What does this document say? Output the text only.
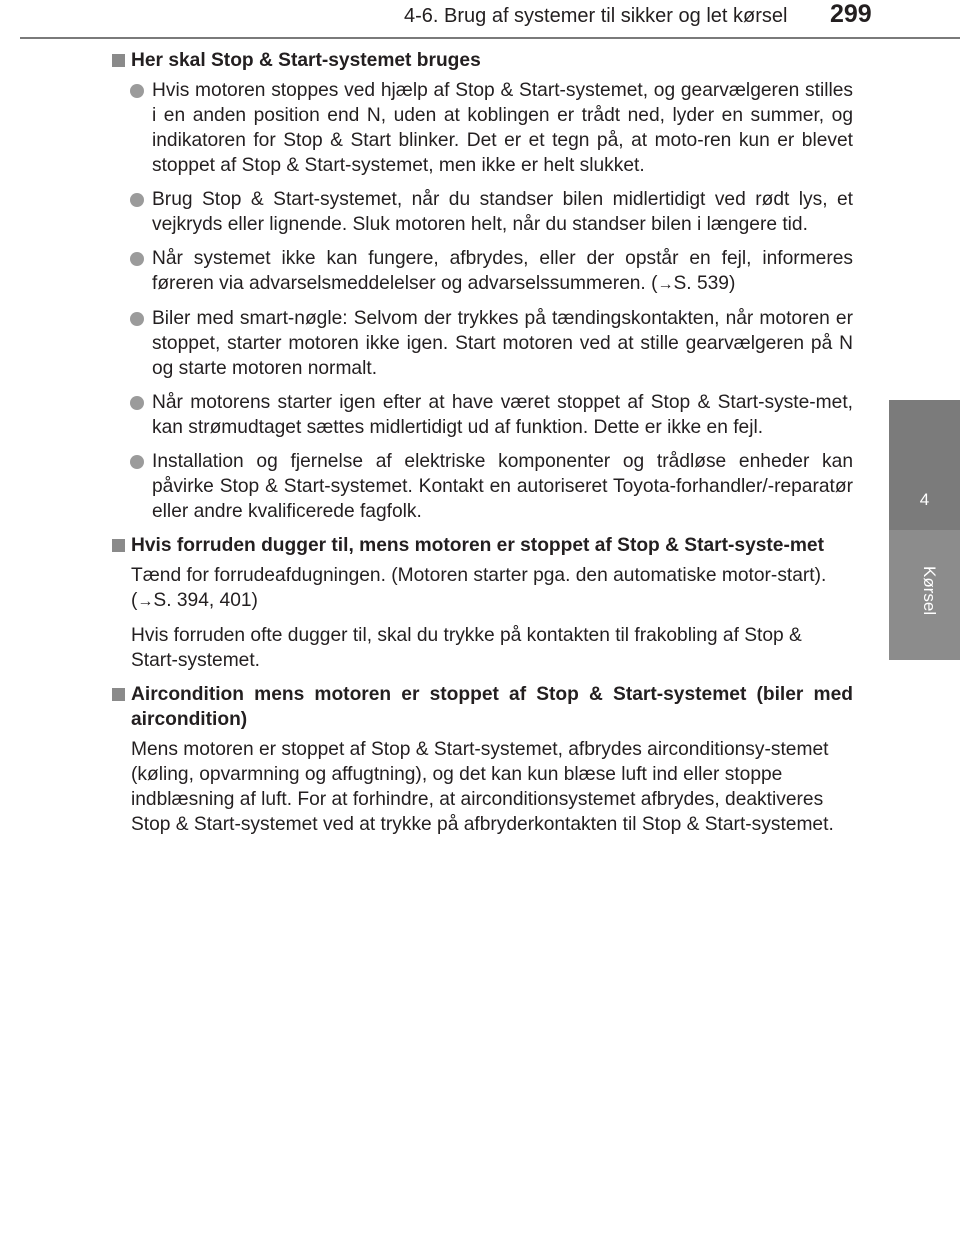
4-6. Brug af systemer til sikker og let kørsel 299
4
Kørsel
Her skal Stop & Start-systemet bruges
Hvis motoren stoppes ved hjælp af Stop & Start-systemet, og gearvælgeren stilles i en anden position end N, uden at koblingen er trådt ned, lyder en summer, og indikatoren for Stop & Start blinker. Det er et tegn på, at moto-ren kun er blevet stoppet af Stop & Start-systemet, men ikke er helt slukket.
Brug Stop & Start-systemet, når du standser bilen midlertidigt ved rødt lys, et vejkryds eller lignende. Sluk motoren helt, når du standser bilen i længere tid.
Når systemet ikke kan fungere, afbrydes, eller der opstår en fejl, informeres føreren via advarselsmeddelelser og advarselssummeren. (→S. 539)
Biler med smart-nøgle: Selvom der trykkes på tændingskontakten, når motoren er stoppet, starter motoren ikke igen. Start motoren ved at stille gearvælgeren på N og starte motoren normalt.
Når motorens starter igen efter at have været stoppet af Stop & Start-syste-met, kan strømudtaget sættes midlertidigt ud af funktion. Dette er ikke en fejl.
Installation og fjernelse af elektriske komponenter og trådløse enheder kan påvirke Stop & Start-systemet. Kontakt en autoriseret Toyota-forhandler/-reparatør eller andre kvalificerede fagfolk.
Hvis forruden dugger til, mens motoren er stoppet af Stop & Start-syste-met
Tænd for forrudeafdugningen. (Motoren starter pga. den automatiske motor-start). (→S. 394, 401)
Hvis forruden ofte dugger til, skal du trykke på kontakten til frakobling af Stop & Start-systemet.
Aircondition mens motoren er stoppet af Stop & Start-systemet (biler med aircondition)
Mens motoren er stoppet af Stop & Start-systemet, afbrydes airconditionsy-stemet (køling, opvarmning og affugtning), og det kan kun blæse luft ind eller stoppe indblæsning af luft. For at forhindre, at airconditionsystemet afbrydes, deaktiveres Stop & Start-systemet ved at trykke på afbryderkontakten til Stop & Start-systemet.
